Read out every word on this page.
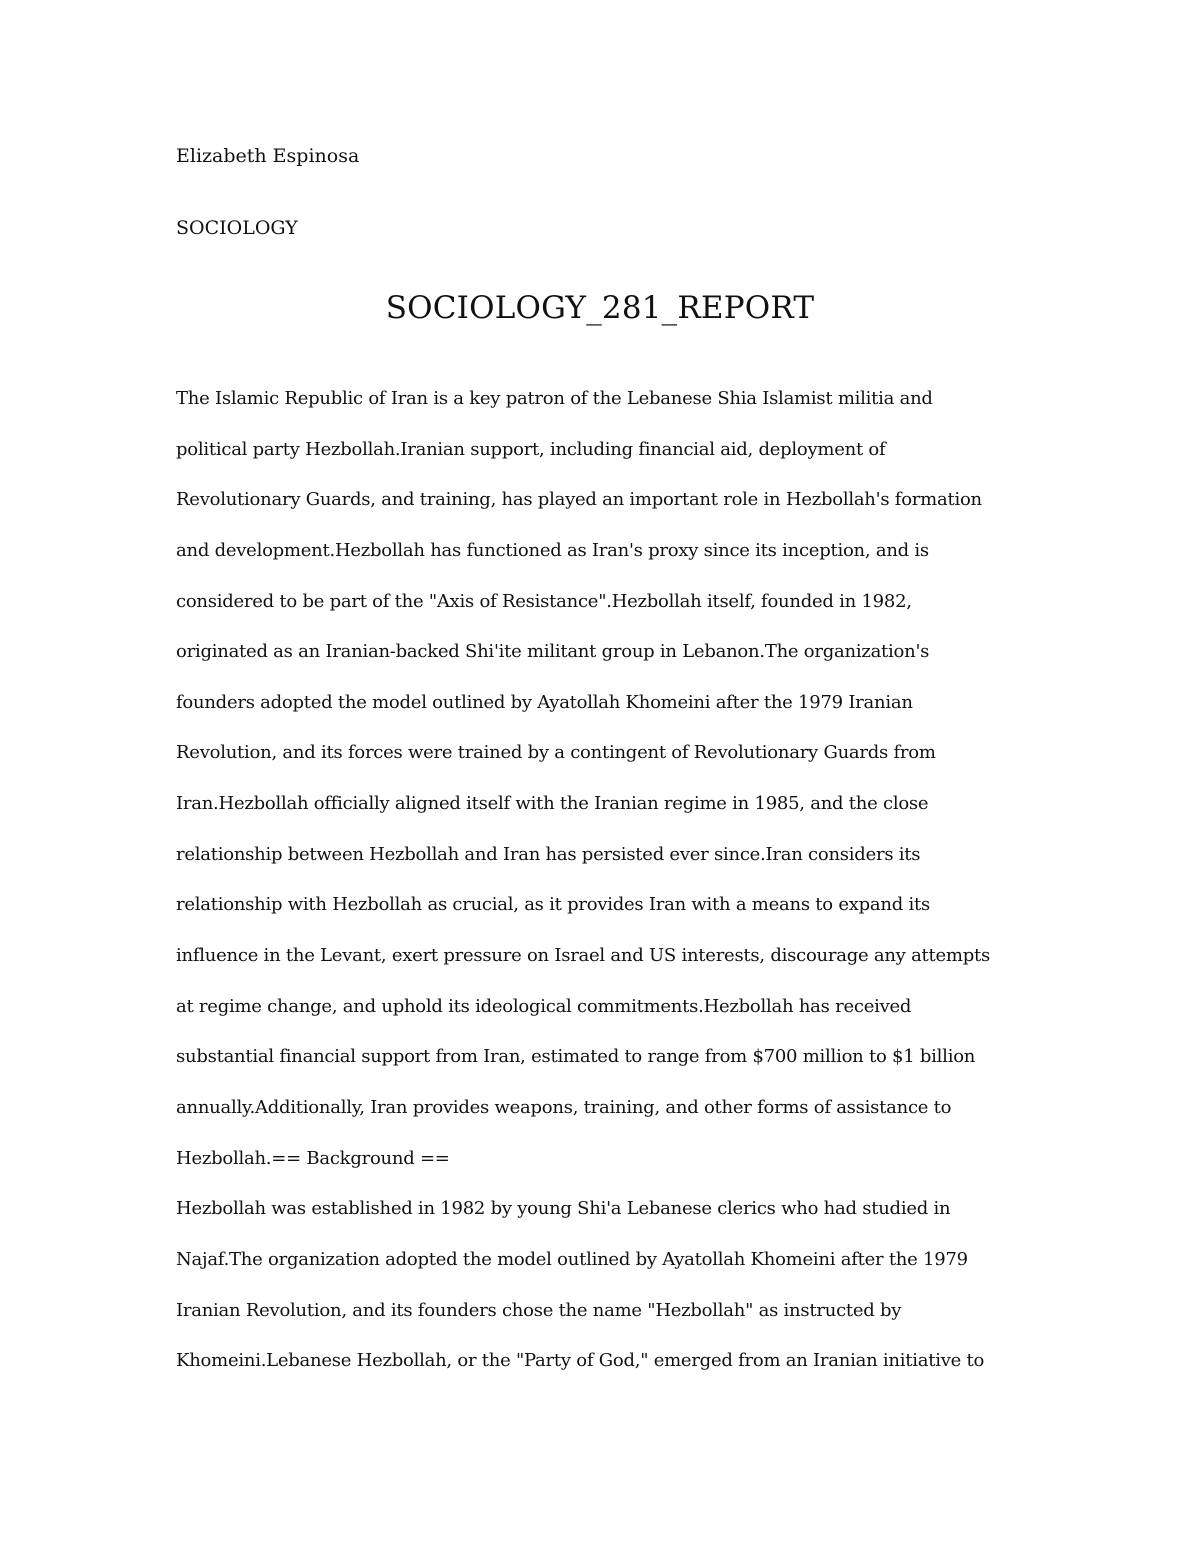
Elizabeth Espinosa
SOCIOLOGY
SOCIOLOGY_281_REPORT
The Islamic Republic of Iran is a key patron of the Lebanese Shia Islamist militia and
political party Hezbollah.Iranian support, including financial aid, deployment of
Revolutionary Guards, and training, has played an important role in Hezbollah's formation
and development.Hezbollah has functioned as Iran's proxy since its inception, and is
considered to be part of the "Axis of Resistance".Hezbollah itself, founded in 1982,
originated as an Iranian-backed Shi'ite militant group in Lebanon.The organization's
founders adopted the model outlined by Ayatollah Khomeini after the 1979 Iranian
Revolution, and its forces were trained by a contingent of Revolutionary Guards from
Iran.Hezbollah officially aligned itself with the Iranian regime in 1985, and the close
relationship between Hezbollah and Iran has persisted ever since.Iran considers its
relationship with Hezbollah as crucial, as it provides Iran with a means to expand its
influence in the Levant, exert pressure on Israel and US interests, discourage any attempts
at regime change, and uphold its ideological commitments.Hezbollah has received
substantial financial support from Iran, estimated to range from $700 million to $1 billion
annually.Additionally, Iran provides weapons, training, and other forms of assistance to
Hezbollah.== Background ==
Hezbollah was established in 1982 by young Shi'a Lebanese clerics who had studied in
Najaf.The organization adopted the model outlined by Ayatollah Khomeini after the 1979
Iranian Revolution, and its founders chose the name "Hezbollah" as instructed by
Khomeini.Lebanese Hezbollah, or the "Party of God," emerged from an Iranian initiative to
